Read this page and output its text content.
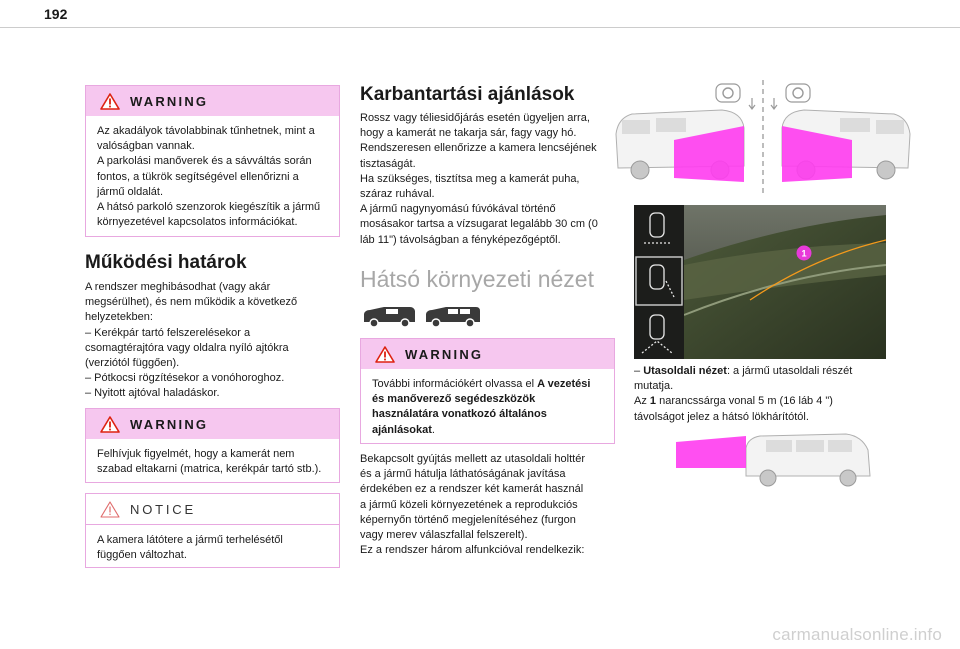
192
WARNING
Az akadályok távolabbinak tűnhetnek, mint a
valóságban vannak.
A parkolási manőverek és a sávváltás során
fontos, a tükrök segítségével ellenőrizni a
jármű oldalát.
A hátsó parkoló szenzorok kiegészítik a jármű
környezetével kapcsolatos információkat.
Működési határok

A rendszer meghibásodhat (vagy akár

megsérülhet), és nem működik a következő

helyzetekben:

– Kerékpár tartó felszerelésekor a

csomagtérajtóra vagy oldalra nyíló ajtókra

(verziótól függően).

– Pótkocsi rögzítésekor a vonóhoroghoz.

– Nyitott ajtóval haladáskor.

WARNING
Felhívjuk figyelmét, hogy a kamerát nem
szabad eltakarni (matrica, kerékpár tartó stb.).
NOTICE
A kamera látótere a jármű terhelésétől
függően változhat.
Karbantartási ajánlások

Rossz vagy téliesidőjárás esetén ügyeljen arra,

hogy a kamerát ne takarja sár, fagy vagy hó.

Rendszeresen ellenőrizze a kamera lencséjének

tisztaságát.

Ha szükséges, tisztítsa meg a kamerát puha,

száraz ruhával.

A jármű nagynyomású fúvókával történő

mosásakor tartsa a vízsugarat legalább 30 cm (0

láb 11") távolságban a fényképezőgéptől.

Hátsó környezeti nézet
WARNING
További információkért olvassa el A vezetési
és manőverező segédeszközök
használatára vonatkozó általános
ajánlásokat.

Bekapcsolt gyújtás mellett az utasoldali holttér

és a jármű hátulja láthatóságának javítása

érdekében ez a rendszer két kamerát használ

a jármű közeli környezetének a reprodukciós

képernyőn történő megjelenítéséhez (furgon

vagy merev válaszfallal felszerelt).

Ez a rendszer három alfunkcióval rendelkezik:

1

– Utasoldali nézet: a jármű utasoldali részét

mutatja.

Az 1 narancssárga vonal 5 m (16 láb 4 ")

távolságot jelez a hátsó lökhárítótól.

carmanualsonline.info
